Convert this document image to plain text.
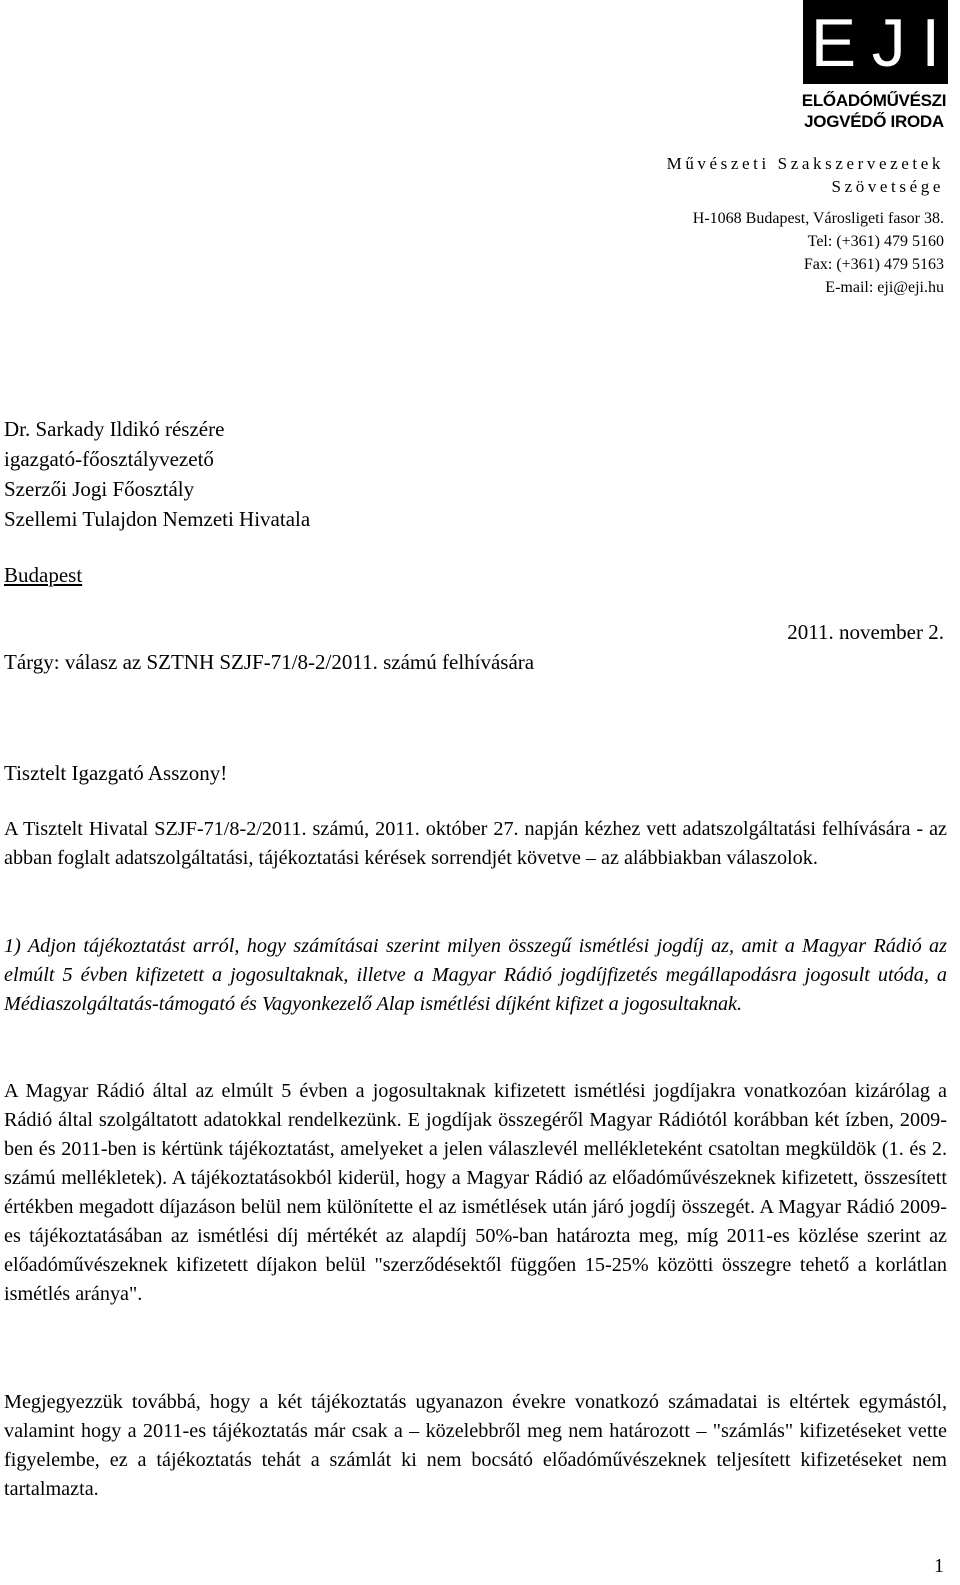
E J I
ELŐADÓMŰVÉSZI
JOGVÉDŐ IRODA
Művészeti Szakszervezetek
Szövetsége
H-1068 Budapest, Városligeti fasor 38.
Tel: (+361) 479 5160
Fax: (+361) 479 5163
E-mail: eji@eji.hu
Dr. Sarkady Ildikó részére
igazgató-főosztályvezető
Szerzői Jogi Főosztály
Szellemi Tulajdon Nemzeti Hivatala
Budapest
2011. november 2.
Tárgy: válasz az SZTNH SZJF-71/8-2/2011. számú felhívására
Tisztelt Igazgató Asszony!
A Tisztelt Hivatal SZJF-71/8-2/2011. számú, 2011. október 27. napján kézhez vett adatszolgáltatási felhívására - az abban foglalt adatszolgáltatási, tájékoztatási kérések sorrendjét követve – az alábbiakban válaszolok.
1) Adjon tájékoztatást arról, hogy számításai szerint milyen összegű ismétlési jogdíj az, amit a Magyar Rádió az elmúlt 5 évben kifizetett a jogosultaknak, illetve a Magyar Rádió jogdíjfizetés megállapodásra jogosult utóda, a Médiaszolgáltatás-támogató és Vagyonkezelő Alap ismétlési díjként kifizet a jogosultaknak.
A Magyar Rádió által az elmúlt 5 évben a jogosultaknak kifizetett ismétlési jogdíjakra vonatkozóan kizárólag a Rádió által szolgáltatott adatokkal rendelkezünk. E jogdíjak összegéről Magyar Rádiótól korábban két ízben, 2009-ben és 2011-ben is kértünk tájékoztatást, amelyeket a jelen válaszlevél mellékleteként csatoltan megküldök (1. és 2. számú mellékletek). A tájékoztatásokból kiderül, hogy a Magyar Rádió az előadóművészeknek kifizetett, összesített értékben megadott díjazáson belül nem különítette el az ismétlések után járó jogdíj összegét. A Magyar Rádió 2009-es tájékoztatásában az ismétlési díj mértékét az alapdíj 50%-ban határozta meg, míg 2011-es közlése szerint az előadóművészeknek kifizetett díjakon belül "szerződésektől függően 15-25% közötti összegre tehető a korlátlan ismétlés aránya".
Megjegyezzük továbbá, hogy a két tájékoztatás ugyanazon évekre vonatkozó számadatai is eltértek egymástól, valamint hogy a 2011-es tájékoztatás már csak a – közelebbről meg nem határozott – "számlás" kifizetéseket vette figyelembe, ez a tájékoztatás tehát a számlát ki nem bocsátó előadóművészeknek teljesített kifizetéseket nem tartalmazta.
1
